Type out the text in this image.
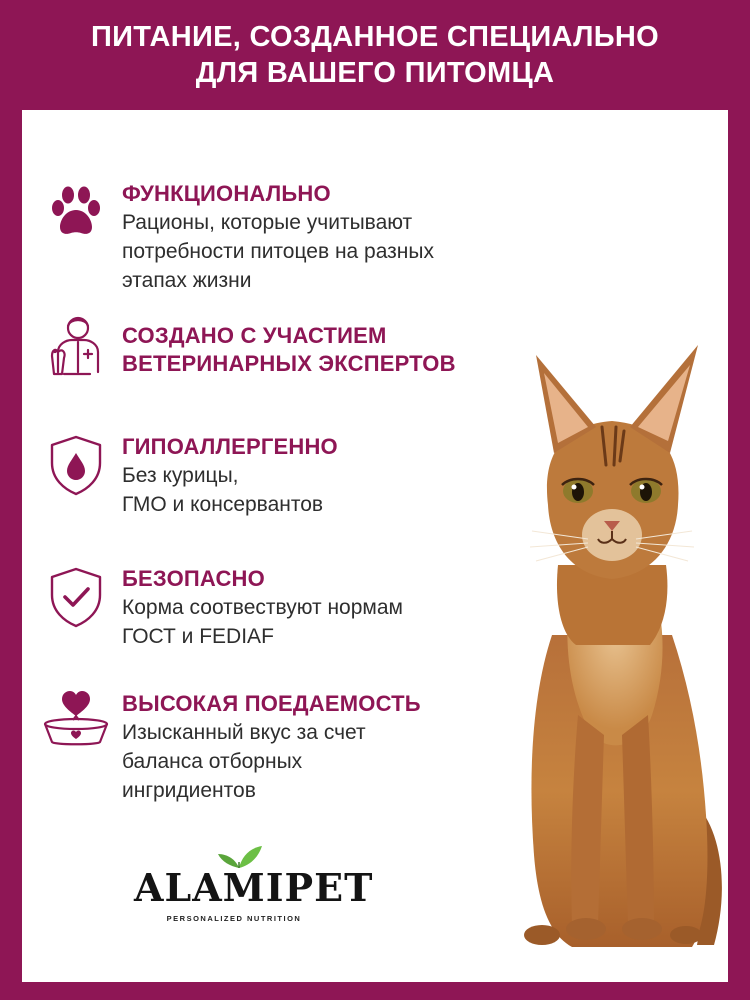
ПИТАНИЕ, СОЗДАННОЕ СПЕЦИАЛЬНО
ДЛЯ ВАШЕГО ПИТОМЦА
ФУНКЦИОНАЛЬНО
Рационы, которые учитывают
потребности питоцев на разных
этапах жизни
СОЗДАНО С УЧАСТИЕМ
ВЕТЕРИНАРНЫХ ЭКСПЕРТОВ
ГИПОАЛЛЕРГЕННО
Без курицы,
ГМО и консервантов
БЕЗОПАСНО
Корма соотвествуют нормам
ГОСТ и FEDIAF
ВЫСОКАЯ ПОЕДАЕМОСТЬ
Изысканный вкус за счет
баланса отборных
ингридиентов
ALAMIPET
PERSONALIZED NUTRITION
